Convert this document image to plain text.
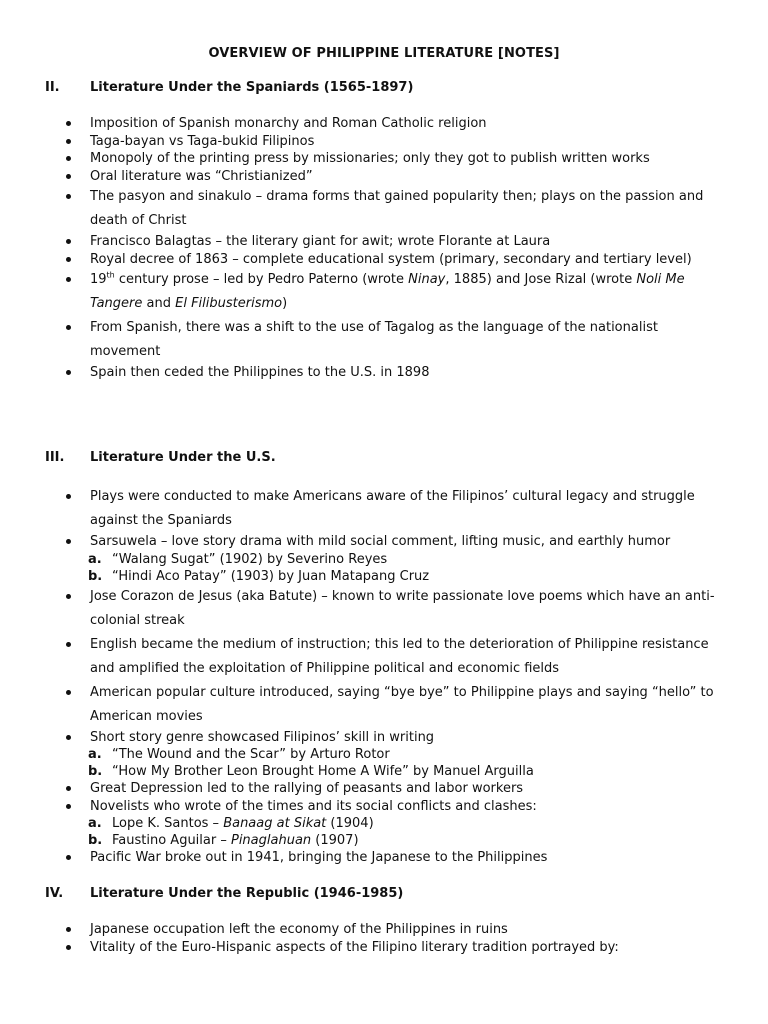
OVERVIEW OF PHILIPPINE LITERATURE [NOTES]
II. Literature Under the Spaniards (1565-1897)
Imposition of Spanish monarchy and Roman Catholic religion
Taga-bayan vs Taga-bukid Filipinos
Monopoly of the printing press by missionaries; only they got to publish written works
Oral literature was “Christianized”
The pasyon and sinakulo – drama forms that gained popularity then; plays on the passion and death of Christ
Francisco Balagtas – the literary giant for awit; wrote Florante at Laura
Royal decree of 1863 – complete educational system (primary, secondary and tertiary level)
19th century prose – led by Pedro Paterno (wrote Ninay, 1885) and Jose Rizal (wrote Noli Me Tangere and El Filibusterismo)
From Spanish, there was a shift to the use of Tagalog as the language of the nationalist movement
Spain then ceded the Philippines to the U.S. in 1898
III. Literature Under the U.S.
Plays were conducted to make Americans aware of the Filipinos’ cultural legacy and struggle against the Spaniards
Sarsuwela – love story drama with mild social comment, lifting music, and earthly humor
a. “Walang Sugat” (1902) by Severino Reyes
b. “Hindi Aco Patay” (1903) by Juan Matapang Cruz
Jose Corazon de Jesus (aka Batute) – known to write passionate love poems which have an anti-colonial streak
English became the medium of instruction; this led to the deterioration of Philippine resistance and amplified the exploitation of Philippine political and economic fields
American popular culture introduced, saying “bye bye” to Philippine plays and saying “hello” to American movies
Short story genre showcased Filipinos’ skill in writing
a. “The Wound and the Scar” by Arturo Rotor
b. “How My Brother Leon Brought Home A Wife” by Manuel Arguilla
Great Depression led to the rallying of peasants and labor workers
Novelists who wrote of the times and its social conflicts and clashes:
a. Lope K. Santos – Banaag at Sikat (1904)
b. Faustino Aguilar – Pinaglahuan (1907)
Pacific War broke out in 1941, bringing the Japanese to the Philippines
IV. Literature Under the Republic (1946-1985)
Japanese occupation left the economy of the Philippines in ruins
Vitality of the Euro-Hispanic aspects of the Filipino literary tradition portrayed by:
